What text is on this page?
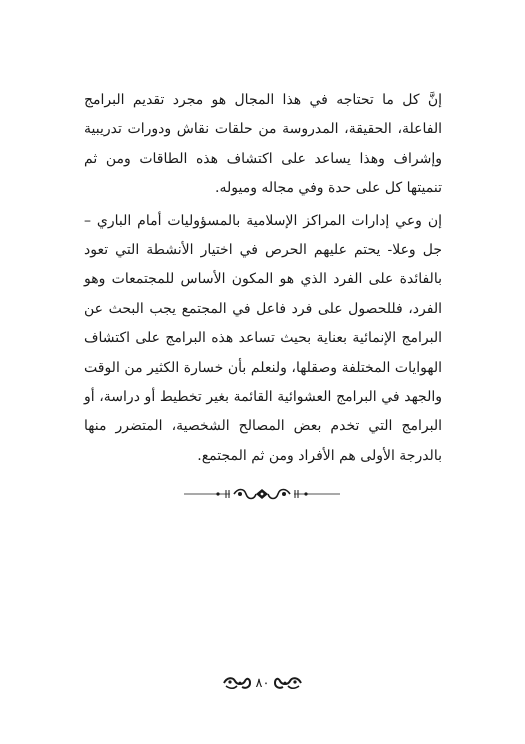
إنَّ كل ما تحتاجه في هذا المجال هو مجرد تقديم البرامج الفاعلة، الحقيقة، المدروسة من حلقات نقاش ودورات تدريبية وإشراف وهذا يساعد على اكتشاف هذه الطاقات ومن ثم تنميتها كل على حدة وفي مجاله وميوله.

إن وعي إدارات المراكز الإسلامية بالمسؤوليات أمام الباري – جل وعلا- يحتم عليهم الحرص في اختيار الأنشطة التي تعود بالفائدة على الفرد الذي هو المكون الأساس للمجتمعات وهو الفرد، فللحصول على فرد فاعل في المجتمع يجب البحث عن البرامج الإنمائية بعناية بحيث تساعد هذه البرامج على اكتشاف الهوايات المختلفة وصقلها، ولنعلم بأن خسارة الكثير من الوقت والجهد في البرامج العشوائية القائمة بغير تخطيط أو دراسة، أو البرامج التي تخدم بعض المصالح الشخصية، المتضرر منها بالدرجة الأولى هم الأفراد ومن ثم المجتمع.

٨٠
